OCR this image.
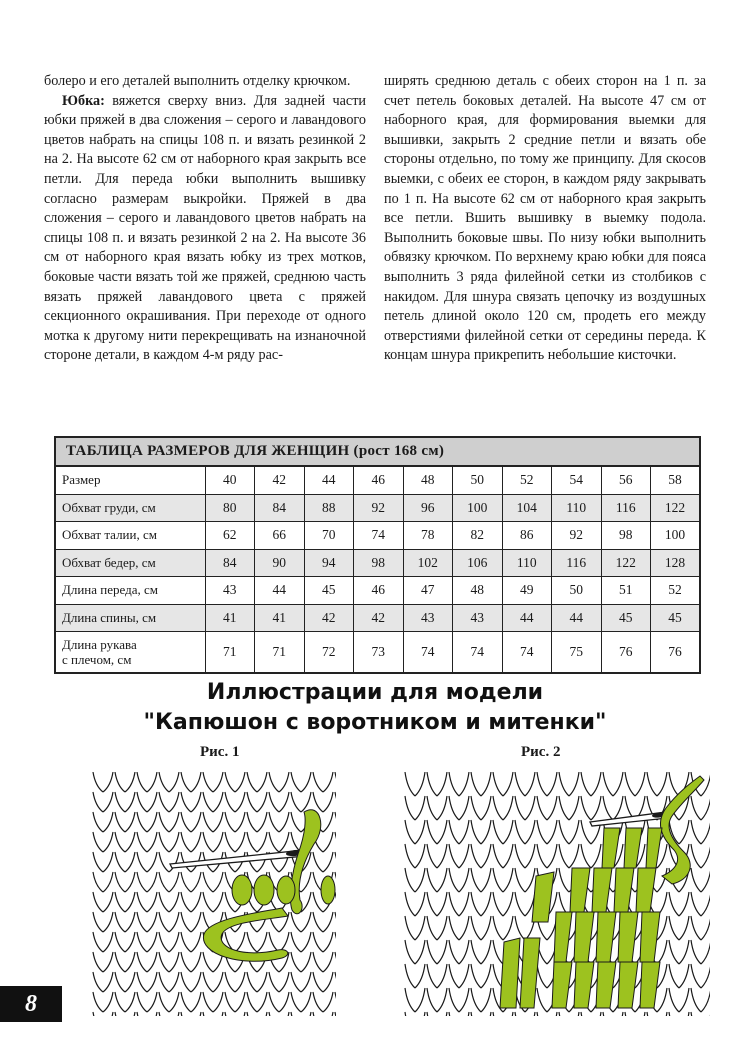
болеро и его деталей выполнить отделку крючком.

Юбка: вяжется сверху вниз. Для задней части юбки пряжей в два сложения – серого и лавандового цветов набрать на спицы 108 п. и вязать резинкой 2 на 2. На высоте 62 см от наборного края закрыть все петли. Для переда юбки выполнить вышивку согласно размерам выкройки. Пряжей в два сложения – серого и лавандового цветов набрать на спицы 108 п. и вязать резинкой 2 на 2. На высоте 36 см от наборного края вязать юбку из трех мотков, боковые части вязать той же пряжей, среднюю часть вязать пряжей лавандового цвета с пряжей секционного окрашивания. При переходе от одного мотка к другому нити перекрещивать на изнаночной стороне детали, в каждом 4-м ряду рас-

ширять среднюю деталь с обеих сторон на 1 п. за счет петель боковых деталей. На высоте 47 см от наборного края, для формирования выемки для вышивки, закрыть 2 средние петли и вязать обе стороны отдельно, по тому же принципу. Для скосов выемки, с обеих ее сторон, в каждом ряду закрывать по 1 п. На высоте 62 см от наборного края закрыть все петли. Вшить вышивку в выемку подола. Выполнить боковые швы. По низу юбки выполнить обвязку крючком. По верхнему краю юбки для пояса выполнить 3 ряда филейной сетки из столбиков с накидом. Для шнура связать цепочку из воздушных петель длиной около 120 см, продеть его между отверстиями филейной сетки от середины переда. К концам шнура прикрепить небольшие кисточки.

ТАБЛИЦА РАЗМЕРОВ ДЛЯ ЖЕНЩИН (рост 168 см)										
Размер	40	42	44	46	48	50	52	54	56	58
Обхват груди, см	80	84	88	92	96	100	104	110	116	122
Обхват талии, см	62	66	70	74	78	82	86	92	98	100
Обхват бедер, см	84	90	94	98	102	106	110	116	122	128
Длина переда, см	43	44	45	46	47	48	49	50	51	52
Длина спины, см	41	41	42	42	43	43	44	44	45	45
Длина рукава
с плечом, см	71	71	72	73	74	74	74	75	76	76
Иллюстрации для модели
"Капюшон с воротником и митенки"
Рис. 1	Рис. 2
8
